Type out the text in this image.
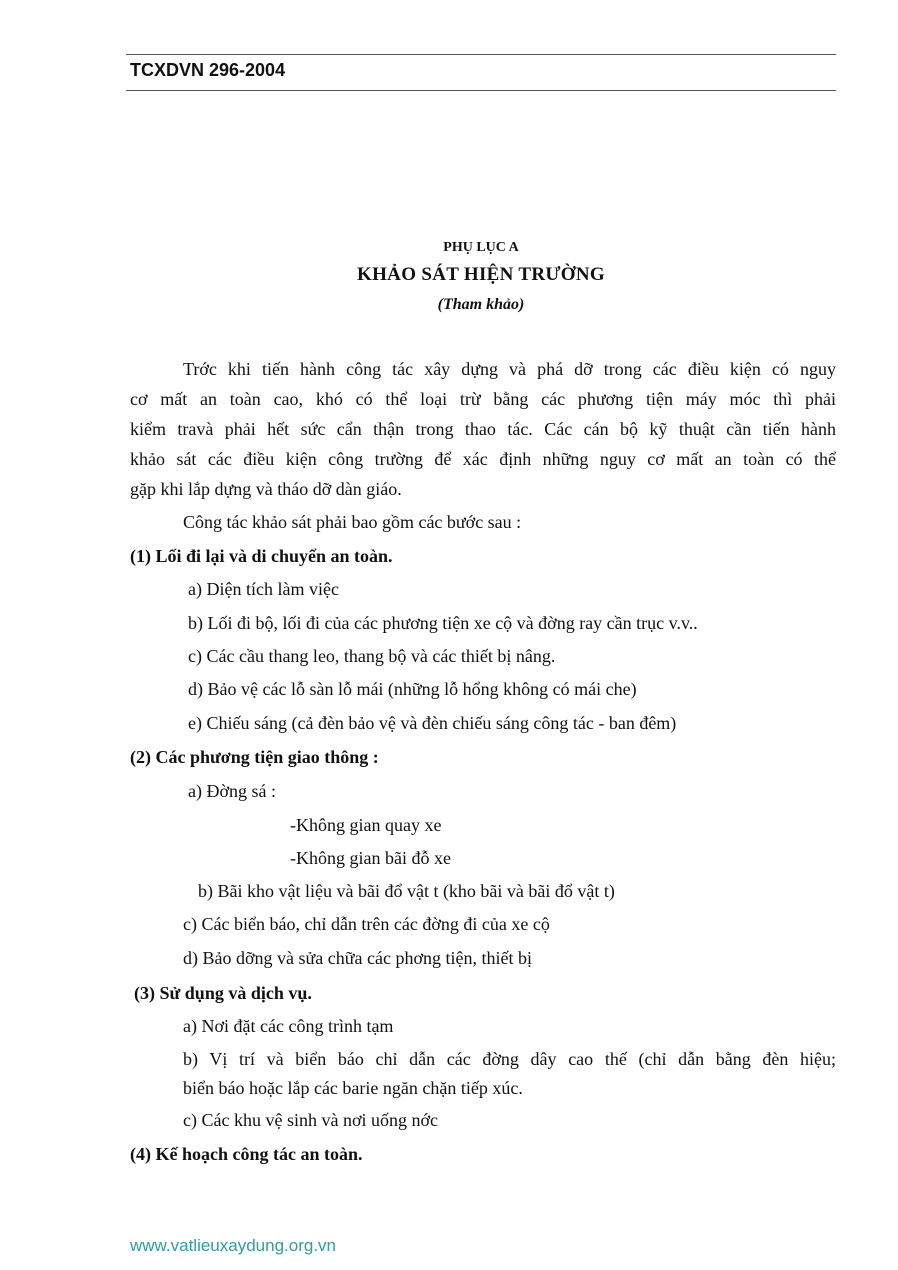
TCXDVN 296-2004
PHỤ LỤC A
KHẢO SÁT HIỆN TRƯỜNG
(Tham khảo)
Trớc khi tiến hành công tác xây dựng và phá dỡ trong các điều kiện có nguy
cơ mất an toàn cao, khó có thể loại trừ bằng các phương tiện máy móc thì phải
kiểm travà phải hết sức cẩn thận trong thao tác. Các cán bộ kỹ thuật cần tiến hành
khảo sát các điều kiện công trường để xác định những nguy cơ mất an toàn có thể
gặp khi lắp dựng và tháo dỡ dàn giáo.
Công tác khảo sát phải bao gồm các bước sau :
(1) Lối đi lại và di chuyển an toàn.
a) Diện tích làm việc
b) Lối đi bộ, lối đi của các phương tiện xe cộ và đờng ray cần trục v.v..
c) Các cầu thang leo, thang bộ và các thiết bị nâng.
d) Bảo vệ các lỗ sàn lỗ mái (những lỗ hổng không có mái che)
e) Chiếu sáng (cả đèn bảo vệ và đèn chiếu sáng công tác - ban đêm)
(2) Các phương tiện giao thông :
a) Đờng sá :
-Không gian quay xe
-Không gian bãi đỗ xe
b) Bãi kho vật liệu và bãi đổ vật t (kho bãi và bãi đổ vật t)
c) Các biển báo, chỉ dẫn trên các đờng đi của xe cộ
d) Bảo dỡng và sửa chữa các phơng tiện, thiết bị
(3) Sử dụng và dịch vụ.
a) Nơi đặt các công trình tạm
b) Vị trí và biển báo chỉ dẫn các đờng dây cao thế (chỉ dẫn bằng đèn hiệu;
biển báo hoặc lắp các barie ngăn chặn tiếp xúc.
c) Các khu vệ sinh và nơi uống nớc
(4) Kế hoạch công tác an toàn.
www.vatlieuxaydung.org.vn
